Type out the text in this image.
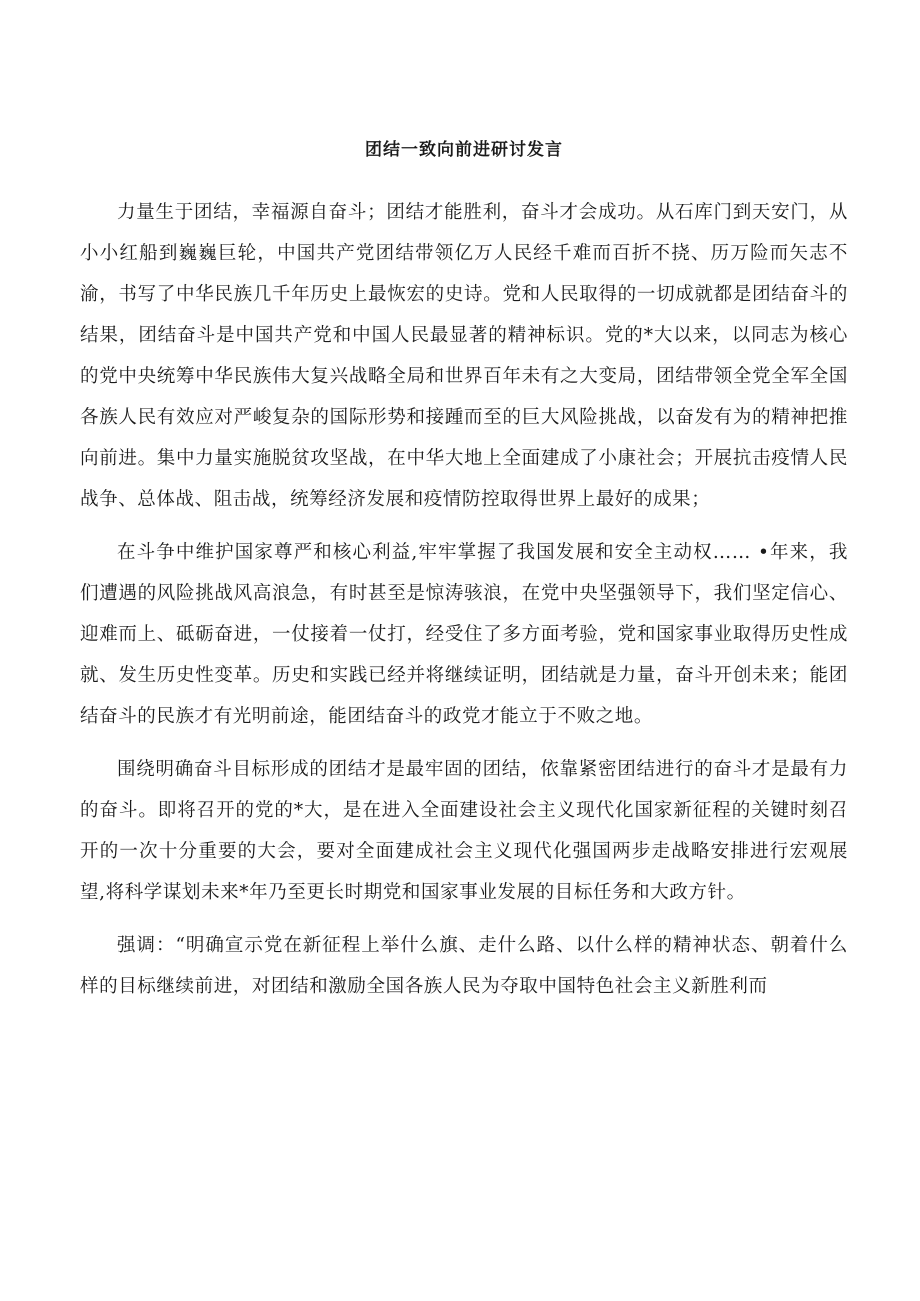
团结一致向前进研讨发言

力量生于团结，幸福源自奋斗；团结才能胜利，奋斗才会成功。从石库门到天安门，从小小红船到巍巍巨轮，中国共产党团结带领亿万人民经千难而百折不挠、历万险而矢志不渝，书写了中华民族几千年历史上最恢宏的史诗。党和人民取得的一切成就都是团结奋斗的结果，团结奋斗是中国共产党和中国人民最显著的精神标识。党的*大以来，以同志为核心的党中央统筹中华民族伟大复兴战略全局和世界百年未有之大变局，团结带领全党全军全国各族人民有效应对严峻复杂的国际形势和接踵而至的巨大风险挑战，以奋发有为的精神把推向前进。集中力量实施脱贫攻坚战，在中华大地上全面建成了小康社会；开展抗击疫情人民战争、总体战、阻击战，统筹经济发展和疫情防控取得世界上最好的成果；

在斗争中维护国家尊严和核心利益,牢牢掌握了我国发展和安全主动权…… •年来，我们遭遇的风险挑战风高浪急，有时甚至是惊涛骇浪，在党中央坚强领导下，我们坚定信心、迎难而上、砥砺奋进，一仗接着一仗打，经受住了多方面考验，党和国家事业取得历史性成就、发生历史性变革。历史和实践已经并将继续证明，团结就是力量，奋斗开创未来；能团结奋斗的民族才有光明前途，能团结奋斗的政党才能立于不败之地。

围绕明确奋斗目标形成的团结才是最牢固的团结，依靠紧密团结进行的奋斗才是最有力的奋斗。即将召开的党的*大，是在进入全面建设社会主义现代化国家新征程的关键时刻召开的一次十分重要的大会，要对全面建成社会主义现代化强国两步走战略安排进行宏观展望,将科学谋划未来*年乃至更长时期党和国家事业发展的目标任务和大政方针。

强调：“明确宣示党在新征程上举什么旗、走什么路、以什么样的精神状态、朝着什么样的目标继续前进，对团结和激励全国各族人民为夺取中国特色社会主义新胜利而
